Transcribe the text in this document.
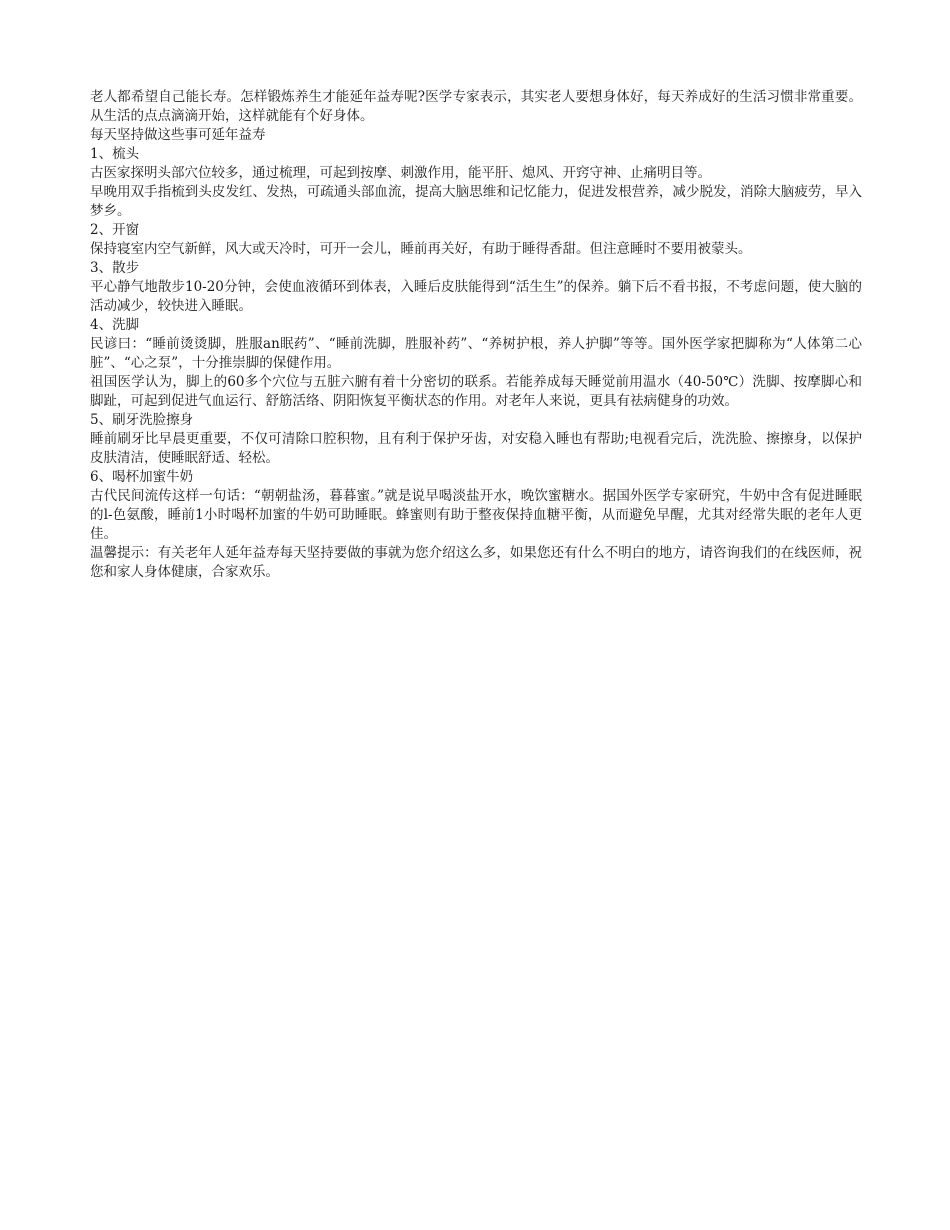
老人都希望自己能长寿。怎样锻炼养生才能延年益寿呢?医学专家表示，其实老人要想身体好，每天养成好的生活习惯非常重要。从生活的点点滴滴开始，这样就能有个好身体。

每天坚持做这些事可延年益寿

1、梳头

古医家探明头部穴位较多，通过梳理，可起到按摩、刺激作用，能平肝、熄风、开窍守神、止痛明目等。

早晚用双手指梳到头皮发红、发热，可疏通头部血流，提高大脑思维和记忆能力，促进发根营养，减少脱发，消除大脑疲劳，早入梦乡。

2、开窗

保持寝室内空气新鲜，风大或天冷时，可开一会儿，睡前再关好，有助于睡得香甜。但注意睡时不要用被蒙头。

3、散步

平心静气地散步10-20分钟，会使血液循环到体表，入睡后皮肤能得到“活生生”的保养。躺下后不看书报，不考虑问题，使大脑的活动减少，较快进入睡眠。

4、洗脚

民谚曰：“睡前烫烫脚，胜服an眠药”、“睡前洗脚，胜服补药”、“养树护根，养人护脚”等等。国外医学家把脚称为“人体第二心脏”、“心之泵”，十分推崇脚的保健作用。

祖国医学认为，脚上的60多个穴位与五脏六腑有着十分密切的联系。若能养成每天睡觉前用温水（40-50℃）洗脚、按摩脚心和脚趾，可起到促进气血运行、舒筋活络、阴阳恢复平衡状态的作用。对老年人来说，更具有祛病健身的功效。

5、刷牙洗脸擦身

睡前刷牙比早晨更重要，不仅可清除口腔积物，且有利于保护牙齿，对安稳入睡也有帮助;电视看完后，洗洗脸、擦擦身，以保护皮肤清洁，使睡眠舒适、轻松。

6、喝杯加蜜牛奶

古代民间流传这样一句话：“朝朝盐汤，暮暮蜜。”就是说早喝淡盐开水，晚饮蜜糖水。据国外医学专家研究，牛奶中含有促进睡眠的l-色氨酸，睡前1小时喝杯加蜜的牛奶可助睡眠。蜂蜜则有助于整夜保持血糖平衡，从而避免早醒，尤其对经常失眠的老年人更佳。

温馨提示：有关老年人延年益寿每天坚持要做的事就为您介绍这么多，如果您还有什么不明白的地方，请咨询我们的在线医师，祝您和家人身体健康，合家欢乐。
